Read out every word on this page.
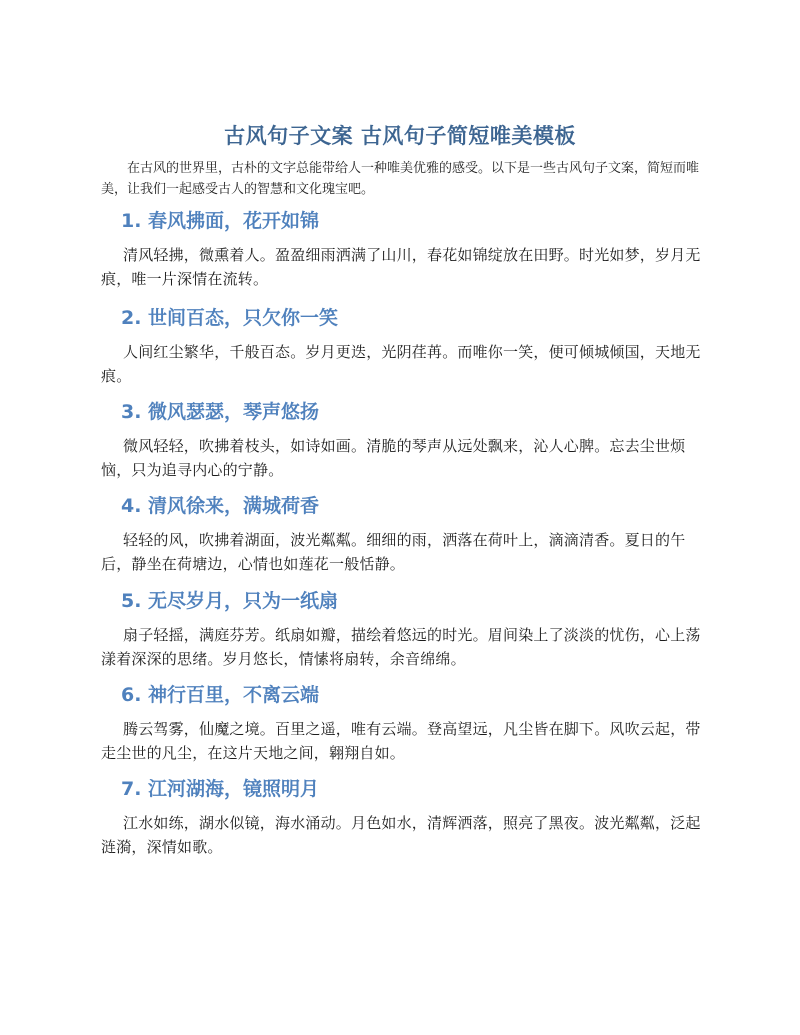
古风句子文案 古风句子简短唯美模板

在古风的世界里，古朴的文字总能带给人一种唯美优雅的感受。以下是一些古风句子文案，简短而唯美，让我们一起感受古人的智慧和文化瑰宝吧。

1. 春风拂面，花开如锦

清风轻拂，微熏着人。盈盈细雨洒满了山川，春花如锦绽放在田野。时光如梦，岁月无痕，唯一片深情在流转。

2. 世间百态，只欠你一笑

人间红尘繁华，千般百态。岁月更迭，光阴荏苒。而唯你一笑，便可倾城倾国，天地无痕。

3. 微风瑟瑟，琴声悠扬

微风轻轻，吹拂着枝头，如诗如画。清脆的琴声从远处飘来，沁人心脾。忘去尘世烦恼，只为追寻内心的宁静。

4. 清风徐来，满城荷香

轻轻的风，吹拂着湖面，波光粼粼。细细的雨，洒落在荷叶上，滴滴清香。夏日的午后，静坐在荷塘边，心情也如莲花一般恬静。

5. 无尽岁月，只为一纸扇

扇子轻摇，满庭芬芳。纸扇如瓣，描绘着悠远的时光。眉间染上了淡淡的忧伤，心上荡漾着深深的思绪。岁月悠长，情愫将扇转，余音绵绵。

6. 神行百里，不离云端

腾云驾雾，仙魔之境。百里之遥，唯有云端。登高望远，凡尘皆在脚下。风吹云起，带走尘世的凡尘，在这片天地之间，翱翔自如。

7. 江河湖海，镜照明月

江水如练，湖水似镜，海水涌动。月色如水，清辉洒落，照亮了黑夜。波光粼粼，泛起涟漪，深情如歌。
